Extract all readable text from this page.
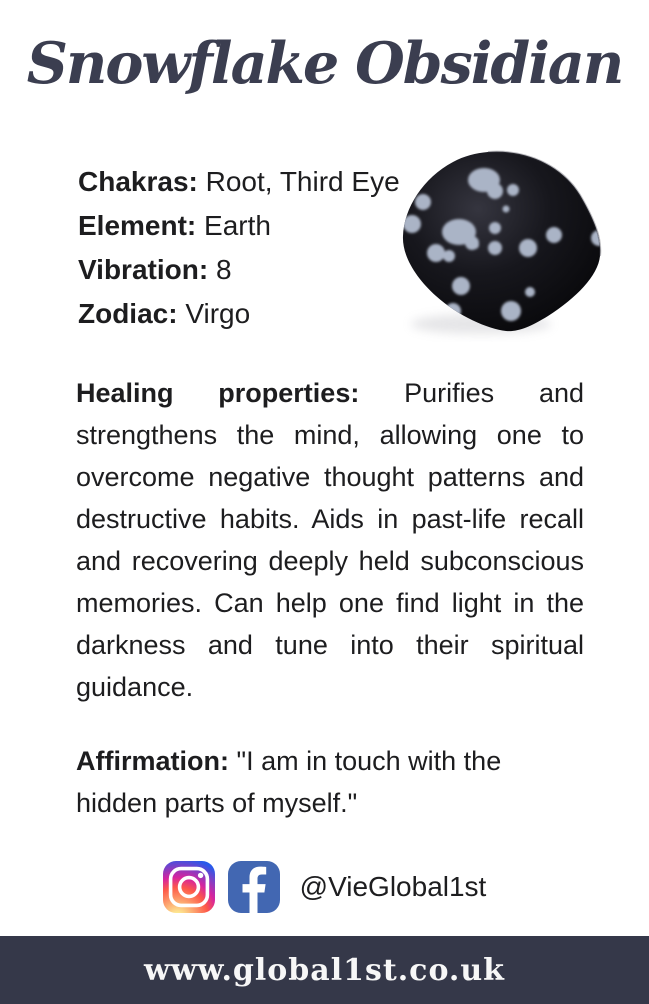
Snowflake Obsidian
Chakras: Root, Third Eye
Element: Earth
Vibration: 8
Zodiac: Virgo

Healing properties: Purifies and strengthens the mind, allowing one to overcome negative thought patterns and destructive habits. Aids in past-life recall and recovering deeply held subconscious memories. Can help one find light in the darkness and tune into their spiritual guidance.

Affirmation: "I am in touch with the hidden parts of myself."

@VieGlobal1st
www.global1st.co.uk
